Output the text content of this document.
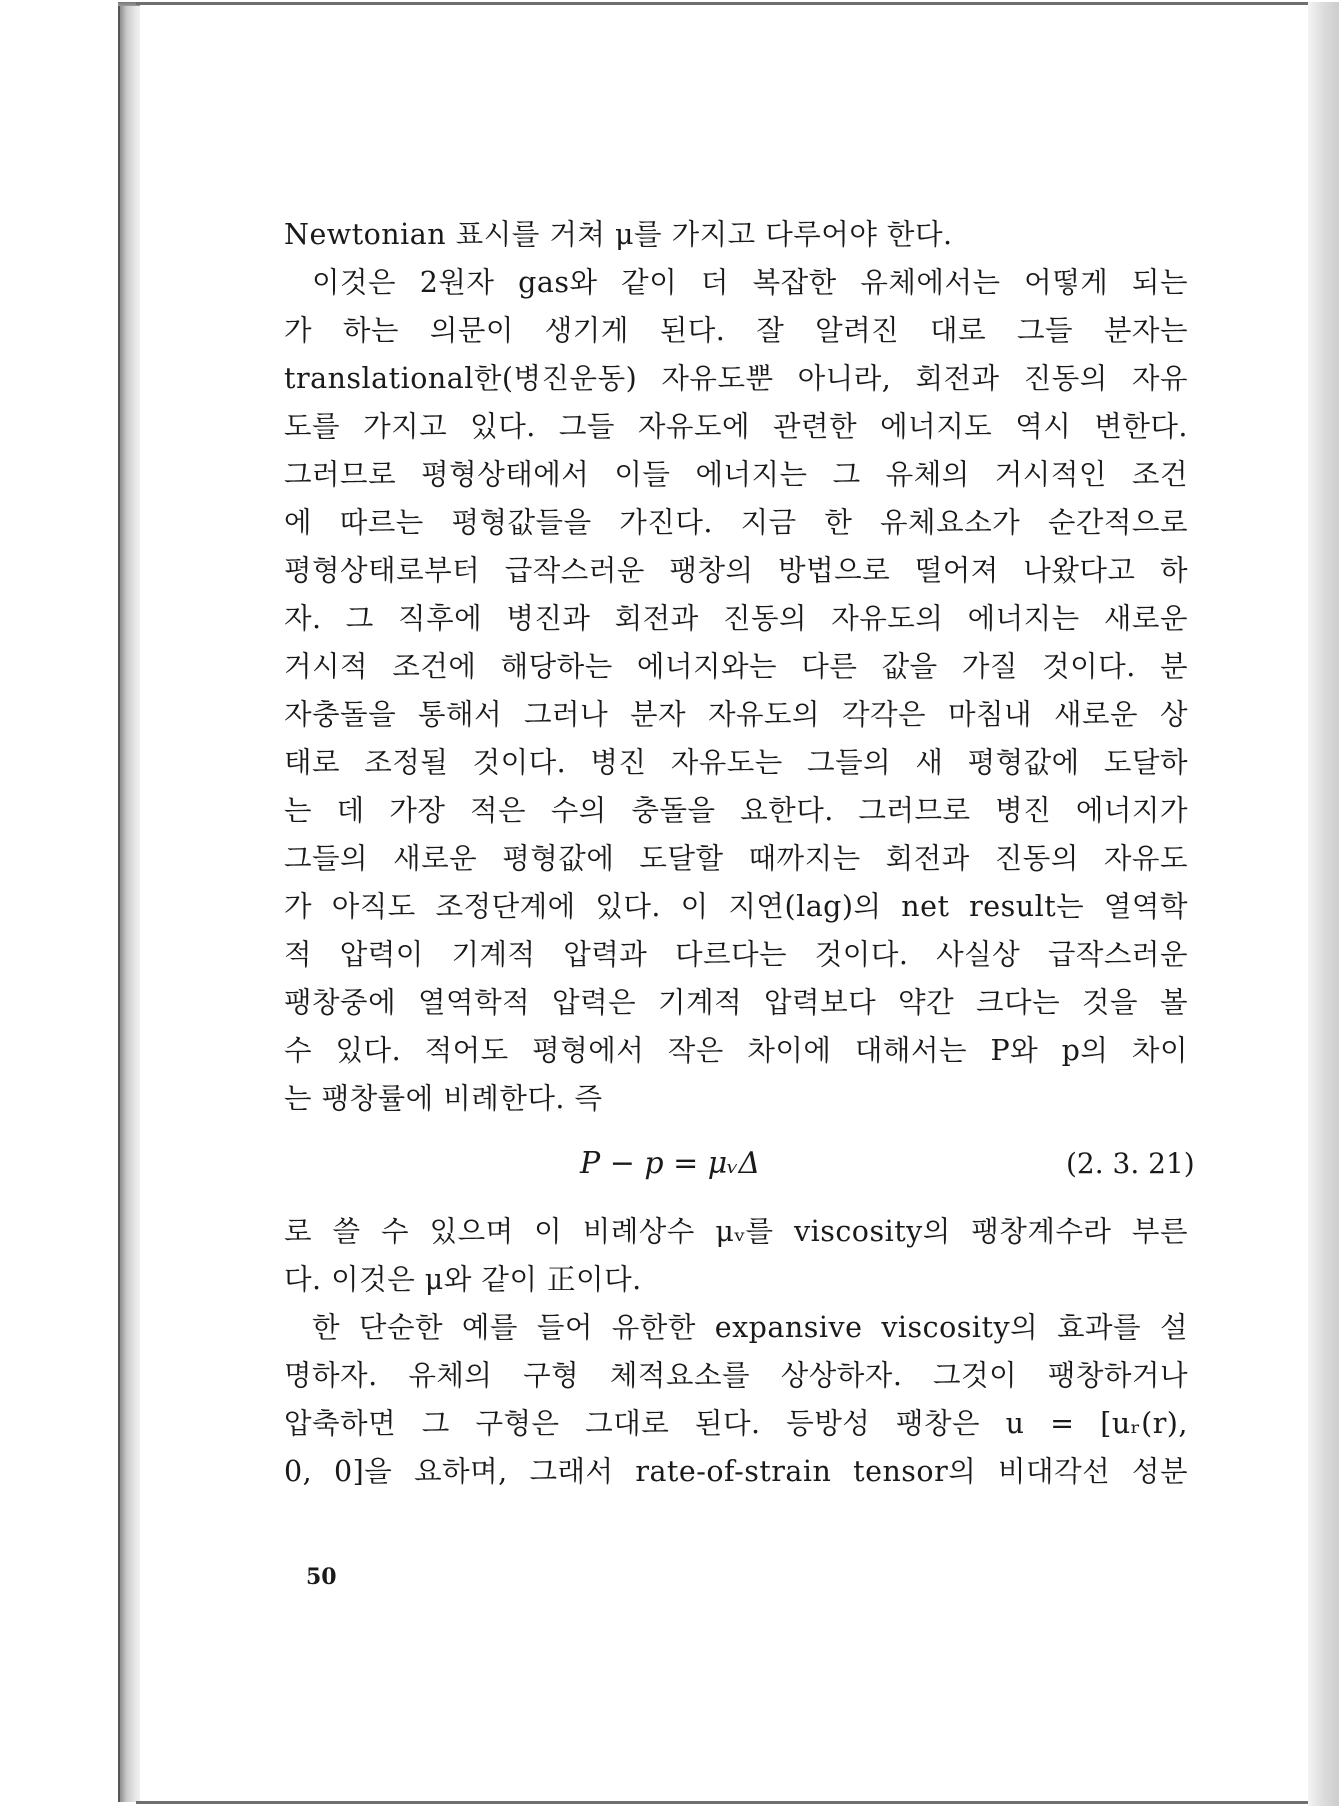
Newtonian 표시를 거쳐 μ를 가지고 다루어야 한다.
이것은 2원자 gas와 같이 더 복잡한 유체에서는 어떻게 되는
가 하는 의문이 생기게 된다. 잘 알려진 대로 그들 분자는
translational한(병진운동) 자유도뿐 아니라, 회전과 진동의 자유
도를 가지고 있다. 그들 자유도에 관련한 에너지도 역시 변한다.
그러므로 평형상태에서 이들 에너지는 그 유체의 거시적인 조건
에 따르는 평형값들을 가진다. 지금 한 유체요소가 순간적으로
평형상태로부터 급작스러운 팽창의 방법으로 떨어져 나왔다고 하
자. 그 직후에 병진과 회전과 진동의 자유도의 에너지는 새로운
거시적 조건에 해당하는 에너지와는 다른 값을 가질 것이다. 분
자충돌을 통해서 그러나 분자 자유도의 각각은 마침내 새로운 상
태로 조정될 것이다. 병진 자유도는 그들의 새 평형값에 도달하
는 데 가장 적은 수의 충돌을 요한다. 그러므로 병진 에너지가
그들의 새로운 평형값에 도달할 때까지는 회전과 진동의 자유도
가 아직도 조정단계에 있다. 이 지연(lag)의 net result는 열역학
적 압력이 기계적 압력과 다르다는 것이다. 사실상 급작스러운
팽창중에 열역학적 압력은 기계적 압력보다 약간 크다는 것을 볼
수 있다. 적어도 평형에서 작은 차이에 대해서는 P와 p의 차이
는 팽창률에 비례한다. 즉
P − p = μᵥΔ	(2. 3. 21)
로 쓸 수 있으며 이 비례상수 μᵥ를 viscosity의 팽창계수라 부른
다. 이것은 μ와 같이 正이다.
한 단순한 예를 들어 유한한 expansive viscosity의 효과를 설
명하자. 유체의 구형 체적요소를 상상하자. 그것이 팽창하거나
압축하면 그 구형은 그대로 된다. 등방성 팽창은 u = [uᵣ(r),
0, 0]을 요하며, 그래서 rate-of-strain tensor의 비대각선 성분
50
